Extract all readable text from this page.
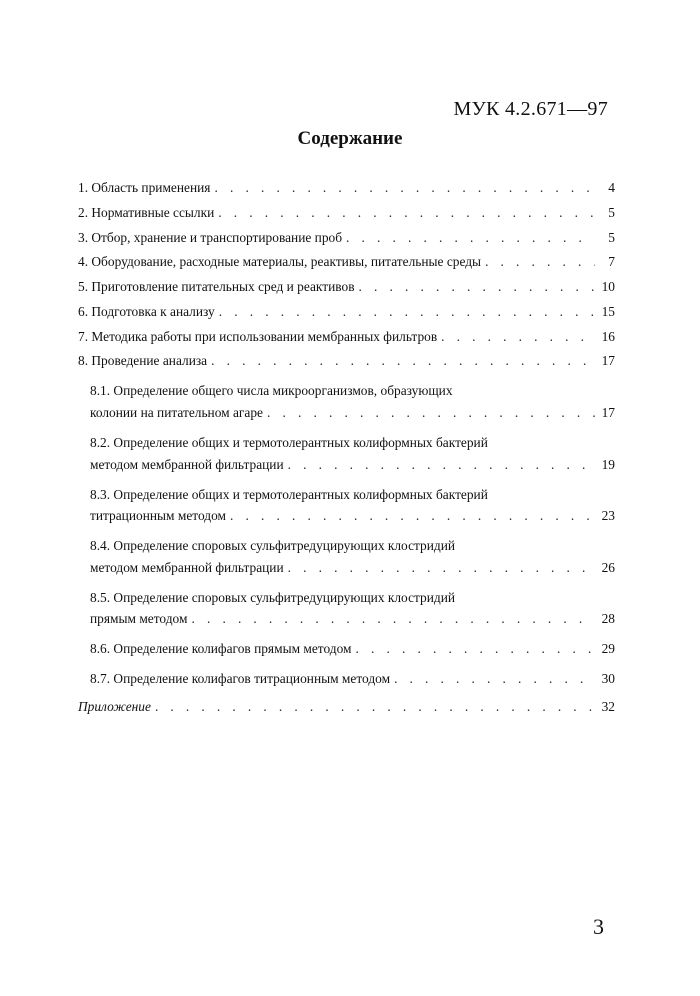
МУК 4.2.671—97
Содержание
1. Область применения . . .	4
2. Нормативные ссылки . . .	5
3. Отбор, хранение и транспортирование проб . . .	5
4. Оборудование, расходные материалы, реактивы, питательные среды . . .	7
5. Приготовление питательных сред и реактивов . . .	10
6. Подготовка к анализу . . .	15
7. Методика работы при использовании мембранных фильтров . . .	16
8. Проведение анализа . . .	17
8.1. Определение общего числа микроорганизмов, образующих
колонии на питательном агаре . . .	17
8.2. Определение общих и термотолерантных колиформных бактерий
методом мембранной фильтрации . . .	19
8.3. Определение общих и термотолерантных колиформных бактерий
титрационным методом . . .	23
8.4. Определение споровых сульфитредуцирующих клостридий
методом мембранной фильтрации . . .	26
8.5. Определение споровых сульфитредуцирующих клостридий
прямым методом . . .	28
8.6. Определение колифагов прямым методом . . .	29
8.7. Определение колифагов титрационным методом . . .	30
Приложение . . .	32
3
